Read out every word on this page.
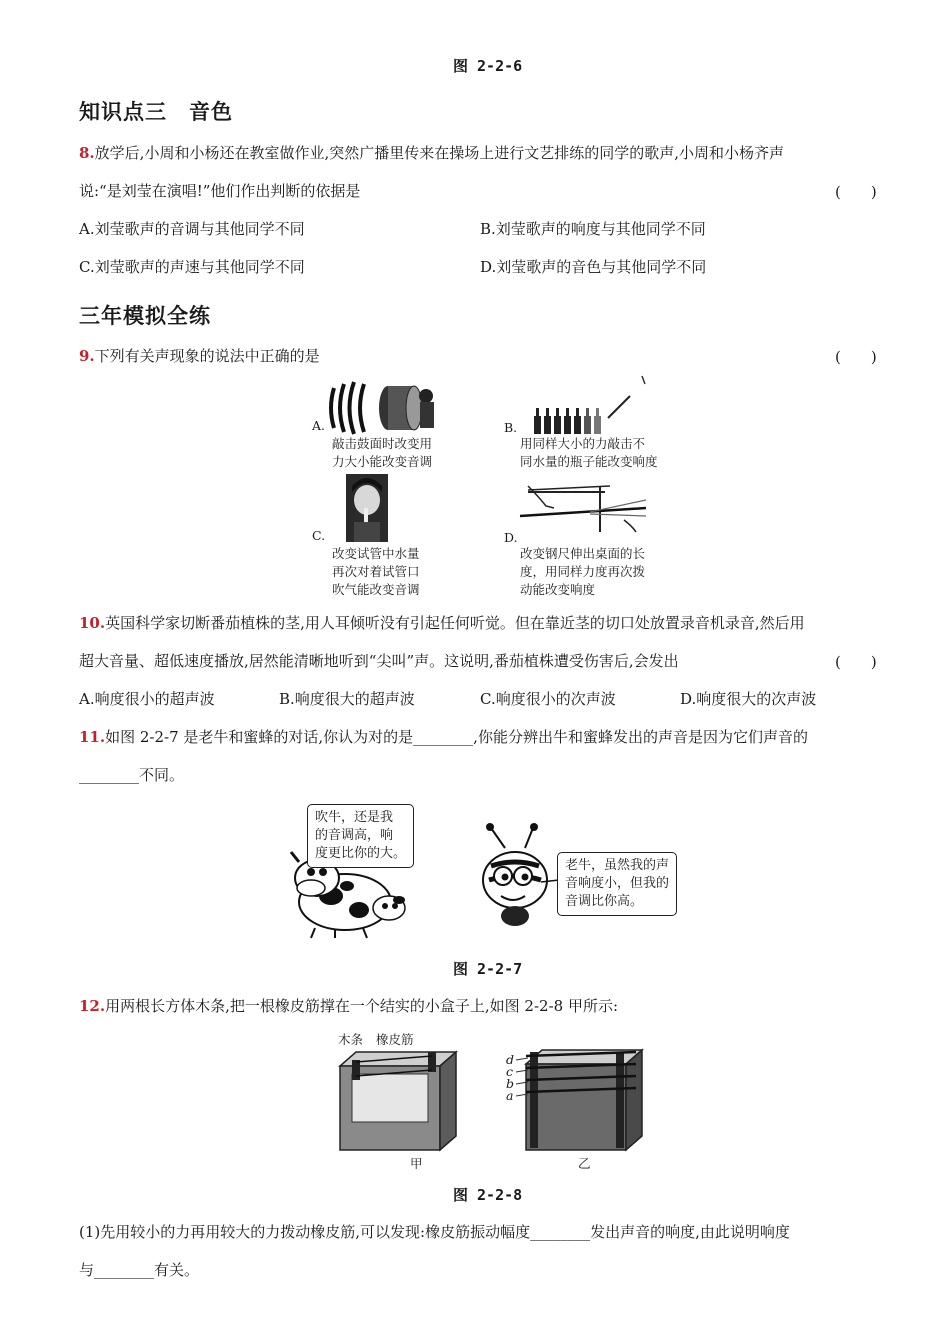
图 2-2-6
知识点三　音色
8.放学后,小周和小杨还在教室做作业,突然广播里传来在操场上进行文艺排练的同学的歌声,小周和小杨齐声
说:“是刘莹在演唱!”他们作出判断的依据是	(　　)
A.刘莹歌声的音调与其他同学不同	B.刘莹歌声的响度与其他同学不同
C.刘莹歌声的声速与其他同学不同	D.刘莹歌声的音色与其他同学不同
三年模拟全练
9.下列有关声现象的说法中正确的是	(　　)
A.
敲击鼓面时改变用
力大小能改变音调
B.
用同样大小的力敲击不
同水量的瓶子能改变响度
C.
改变试管中水量
再次对着试管口
吹气能改变音调
D.
改变钢尺伸出桌面的长
度，用同样力度再次拨
动能改变响度
10.英国科学家切断番茄植株的茎,用人耳倾听没有引起任何听觉。但在靠近茎的切口处放置录音机录音,然后用
超大音量、超低速度播放,居然能清晰地听到“尖叫”声。这说明,番茄植株遭受伤害后,会发出	(　　)
A.响度很小的超声波	B.响度很大的超声波	C.响度很小的次声波	D.响度很大的次声波
11.如图 2-2-7 是老牛和蜜蜂的对话,你认为对的是________,你能分辨出牛和蜜蜂发出的声音是因为它们声音的
________不同。
吹牛，还是我
的音调高，响
度更比你的大。
老牛，虽然我的声
音响度小，但我的
音调比你高。
图 2-2-7
12.用两根长方体木条,把一根橡皮筋撑在一个结实的小盒子上,如图 2-2-8 甲所示:
木条 橡皮筋
d
c
b
a
甲	乙
图 2-2-8
(1)先用较小的力再用较大的力拨动橡皮筋,可以发现:橡皮筋振动幅度________发出声音的响度,由此说明响度
与________有关。
